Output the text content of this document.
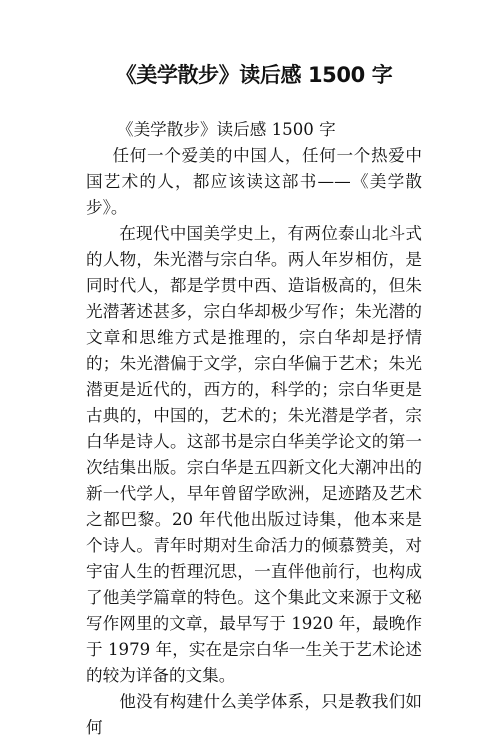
《美学散步》读后感 1500 字

《美学散步》读后感 1500 字

任何一个爱美的中国人，任何一个热爱中国艺术的人，都应该读这部书——《美学散步》。

在现代中国美学史上，有两位泰山北斗式的人物，朱光潜与宗白华。两人年岁相仿，是同时代人，都是学贯中西、造诣极高的，但朱光潜著述甚多，宗白华却极少写作；朱光潜的文章和思维方式是推理的，宗白华却是抒情的；朱光潜偏于文学，宗白华偏于艺术；朱光潜更是近代的，西方的，科学的；宗白华更是古典的，中国的，艺术的；朱光潜是学者，宗白华是诗人。这部书是宗白华美学论文的第一次结集出版。宗白华是五四新文化大潮冲出的新一代学人，早年曾留学欧洲，足迹踏及艺术之都巴黎。20 年代他出版过诗集，他本来是个诗人。青年时期对生命活力的倾慕赞美，对宇宙人生的哲理沉思，一直伴他前行，也构成了他美学篇章的特色。这个集此文来源于文秘写作网里的文章，最早写于 1920 年，最晚作于 1979 年，实在是宗白华一生关于艺术论述的较为详备的文集。

他没有构建什么美学体系，只是教我们如何
